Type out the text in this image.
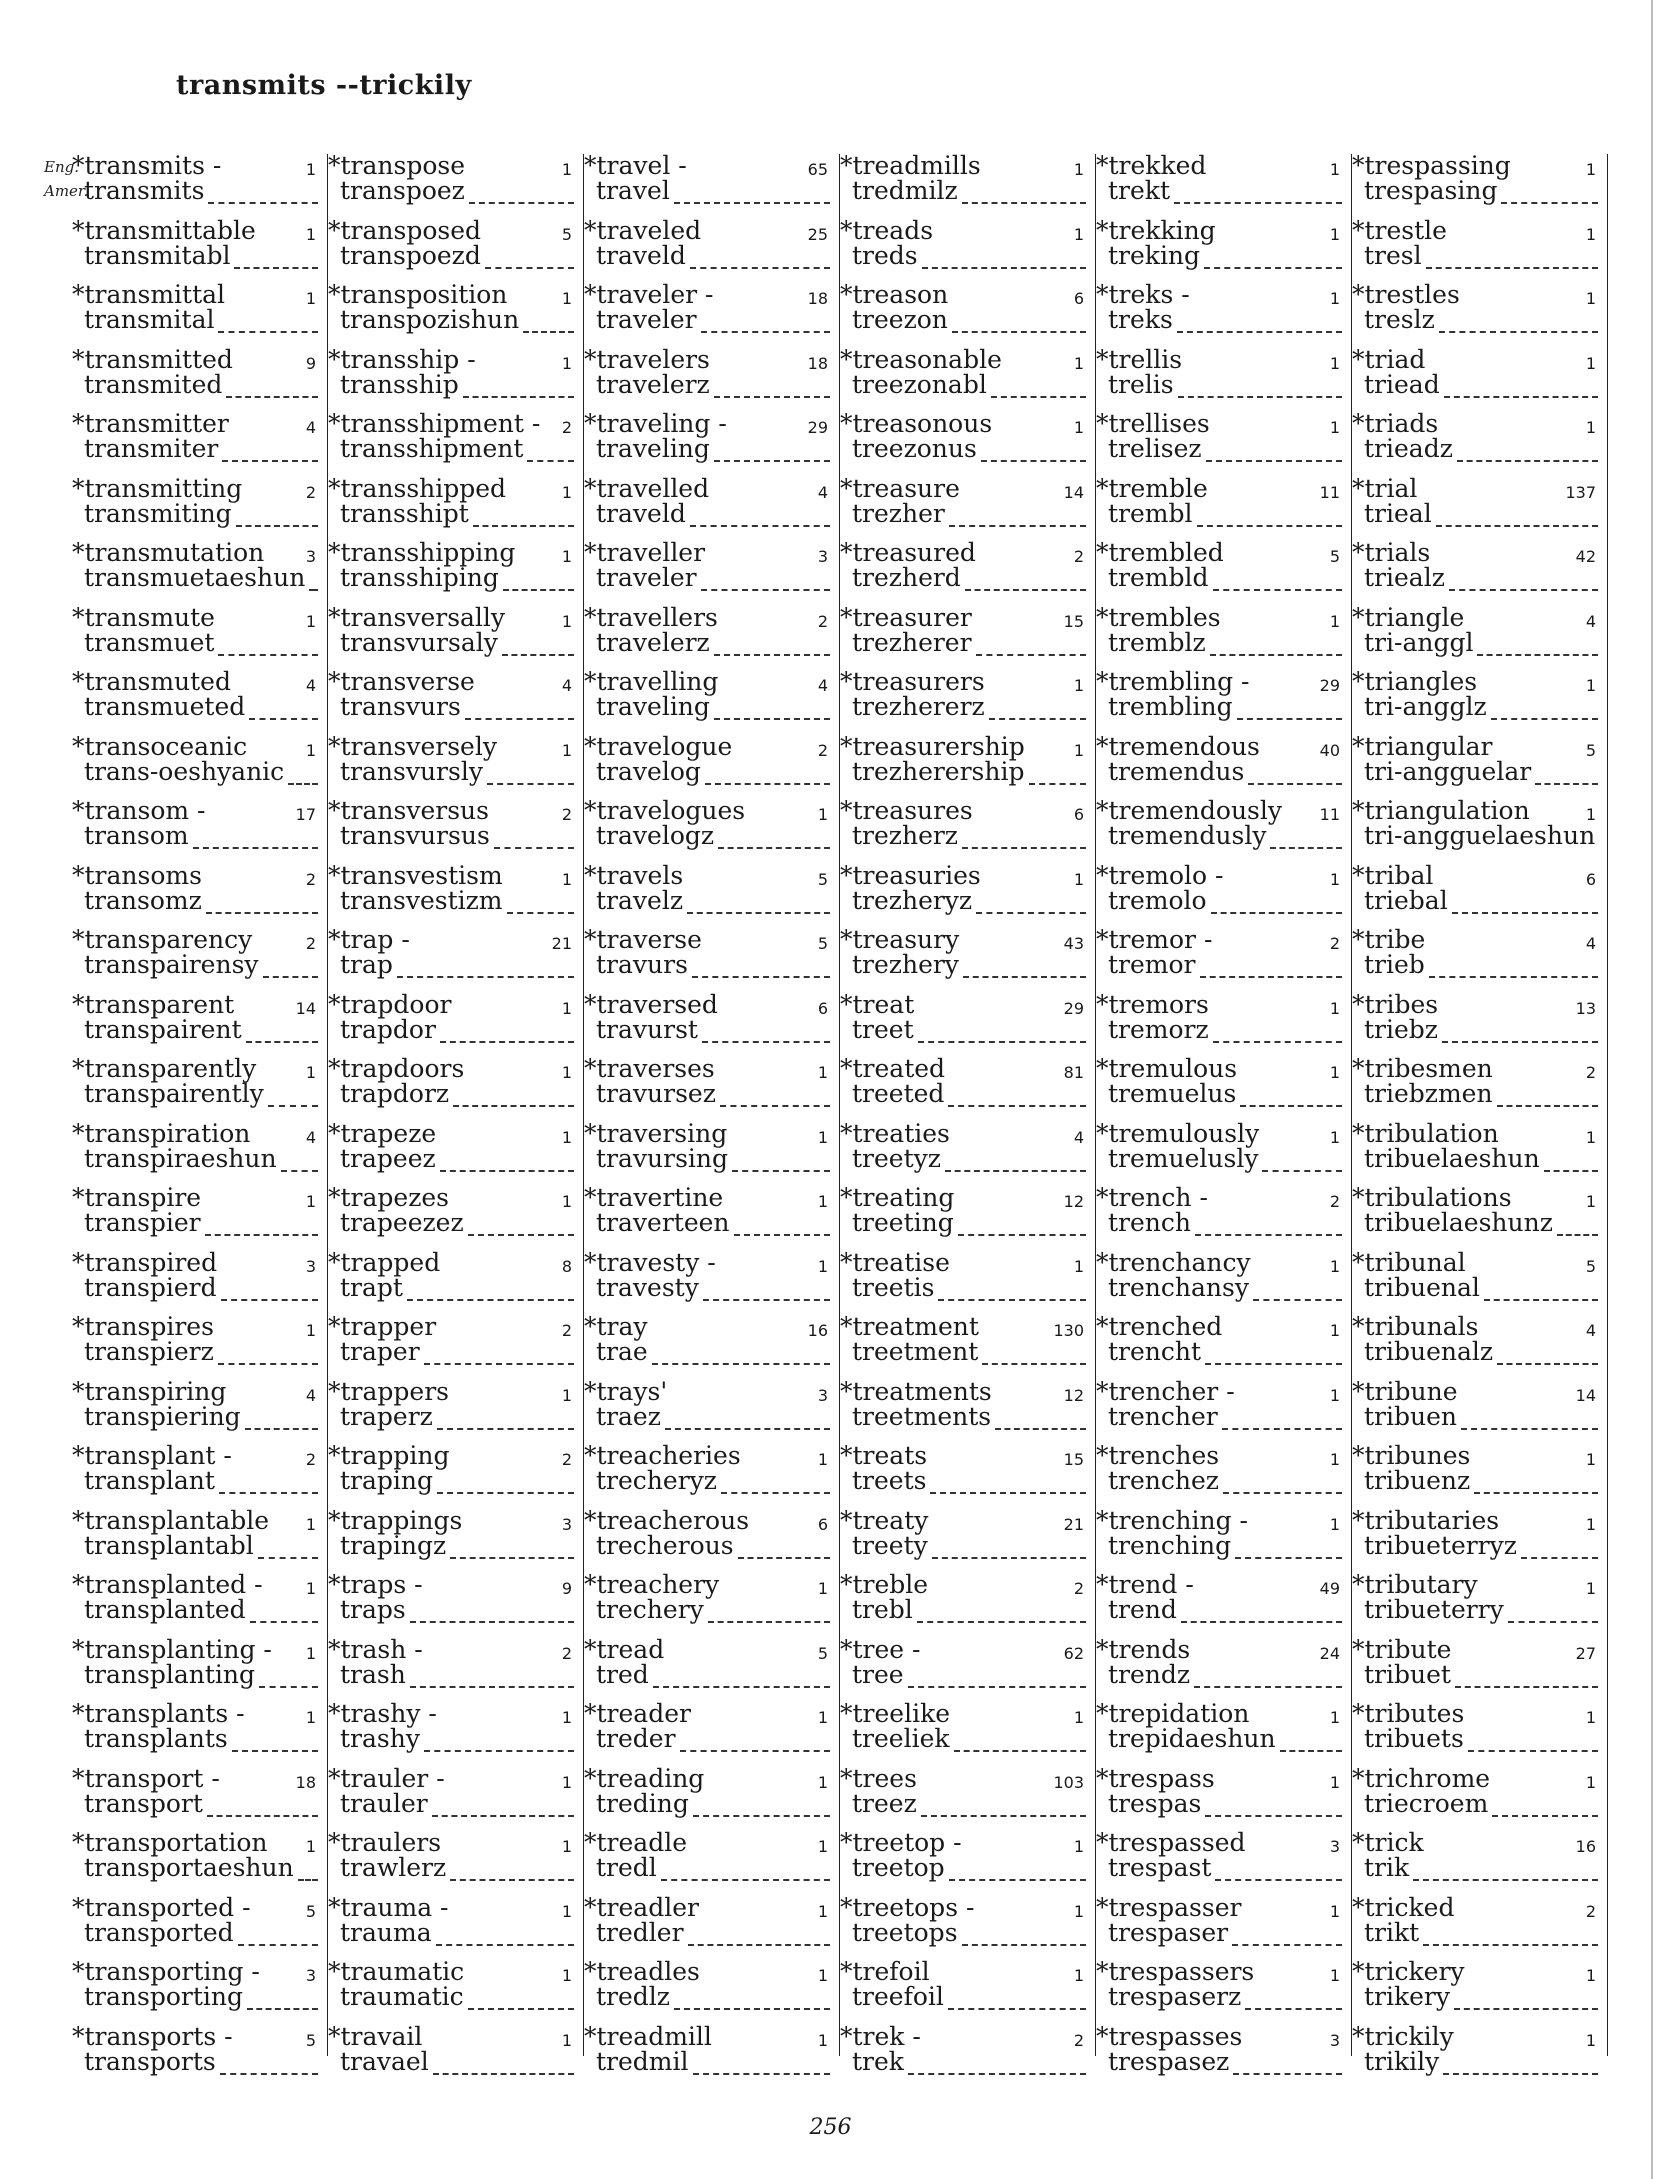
transmits --trickily
Eng.
Amer.
*transmits -	1
transmits
*transmittable	1
transmitabl
*transmittal	1
transmital
*transmitted	9
transmited
*transmitter	4
transmiter
*transmitting	2
transmiting
*transmutation	3
transmuetaeshun
*transmute	1
transmuet
*transmuted	4
transmueted
*transoceanic	1
trans-oeshyanic
*transom -	17
transom
*transoms	2
transomz
*transparency	2
transpairensy
*transparent	14
transpairent
*transparently	1
transpairently
*transpiration	4
transpiraeshun
*transpire	1
transpier
*transpired	3
transpierd
*transpires	1
transpierz
*transpiring	4
transpiering
*transplant -	2
transplant
*transplantable 1
transplantabl
*transplanted -	1
transplanted
*transplanting - 1
transplanting
*transplants -	1
transplants
*transport -	18
transport
*transportation 1
transportaeshun
*transported -	5
transported
*transporting -	3
transporting
*transports -	5
transports
*transpose	1
transpoez
*transposed	5
transpoezd
*transposition	1
transpozishun
*transship -	1
transship
*transshipment - 2
transshipment
*transshipped	1
transshipt
*transshipping	1
transshiping
*transversally	1
transvursaly
*transverse	4
transvurs
*transversely	1
transvursly
*transversus	2
transvursus
*transvestism	1
transvestizm
*trap -	21
trap
*trapdoor	1
trapdor
*trapdoors	1
trapdorz
*trapeze	1
trapeez
*trapezes	1
trapeezez
*trapped	8
trapt
*trapper	2
traper
*trappers	1
traperz
*trapping	2
traping
*trappings	3
trapingz
*traps -	9
traps
*trash -	2
trash
*trashy -	1
trashy
*trauler -	1
trauler
*traulers	1
trawlerz
*trauma -	1
trauma
*traumatic	1
traumatic
*travail	1
travael
*travel -	65
travel
*traveled	25
traveld
*traveler -	18
traveler
*travelers	18
travelerz
*traveling -	29
traveling
*travelled	4
traveld
*traveller	3
traveler
*travellers	2
travelerz
*travelling	4
traveling
*travelogue	2
travelog
*travelogues	1
travelogz
*travels	5
travelz
*traverse	5
travurs
*traversed	6
travurst
*traverses	1
travursez
*traversing	1
travursing
*travertine	1
traverteen
*travesty -	1
travesty
*tray	16
trae
*trays'	3
traez
*treacheries	1
trecheryz
*treacherous	6
trecherous
*treachery	1
trechery
*tread	5
tred
*treader	1
treder
*treading	1
treding
*treadle	1
tredl
*treadler	1
tredler
*treadles	1
tredlz
*treadmill	1
tredmil
*treadmills	1
tredmilz
*treads	1
treds
*treason	6
treezon
*treasonable	1
treezonabl
*treasonous	1
treezonus
*treasure	14
trezher
*treasured	2
trezherd
*treasurer	15
trezherer
*treasurers	1
trezhererz
*treasurership	1
trezherership
*treasures	6
trezherz
*treasuries	1
trezheryz
*treasury	43
trezhery
*treat	29
treet
*treated	81
treeted
*treaties	4
treetyz
*treating	12
treeting
*treatise	1
treetis
*treatment	130
treetment
*treatments	12
treetments
*treats	15
treets
*treaty	21
treety
*treble	2
trebl
*tree -	62
tree
*treelike	1
treeliek
*trees	103
treez
*treetop -	1
treetop
*treetops -	1
treetops
*trefoil	1
treefoil
*trek -	2
trek
*trekked	1
trekt
*trekking	1
treking
*treks -	1
treks
*trellis	1
trelis
*trellises	1
trelisez
*tremble	11
trembl
*trembled	5
trembld
*trembles	1
tremblz
*trembling -	29
trembling
*tremendous	40
tremendus
*tremendously 11
tremendusly
*tremolo -	1
tremolo
*tremor -	2
tremor
*tremors	1
tremorz
*tremulous	1
tremuelus
*tremulously	1
tremuelusly
*trench -	2
trench
*trenchancy	1
trenchansy
*trenched	1
trencht
*trencher -	1
trencher
*trenches	1
trenchez
*trenching -	1
trenching
*trend -	49
trend
*trends	24
trendz
*trepidation	1
trepidaeshun
*trespass	1
trespas
*trespassed	3
trespast
*trespasser	1
trespaser
*trespassers	1
trespaserz
*trespasses	3
trespasez
*trespassing	1
trespasing
*trestle	1
tresl
*trestles	1
treslz
*triad	1
triead
*triads	1
trieadz
*trial	137
trieal
*trials	42
triealz
*triangle	4
tri-anggl
*triangles	1
tri-angglz
*triangular	5
tri-angguelar
*triangulation	1
tri-angguelaeshun
*tribal	6
triebal
*tribe	4
trieb
*tribes	13
triebz
*tribesmen	2
triebzmen
*tribulation	1
tribuelaeshun
*tribulations	1
tribuelaeshunz
*tribunal	5
tribuenal
*tribunals	4
tribuenalz
*tribune	14
tribuen
*tribunes	1
tribuenz
*tributaries	1
tribueterryz
*tributary	1
tribueterry
*tribute	27
tribuet
*tributes	1
tribuets
*trichrome	1
triecroem
*trick	16
trik
*tricked	2
trikt
*trickery	1
trikery
*trickily	1
trikily
256
